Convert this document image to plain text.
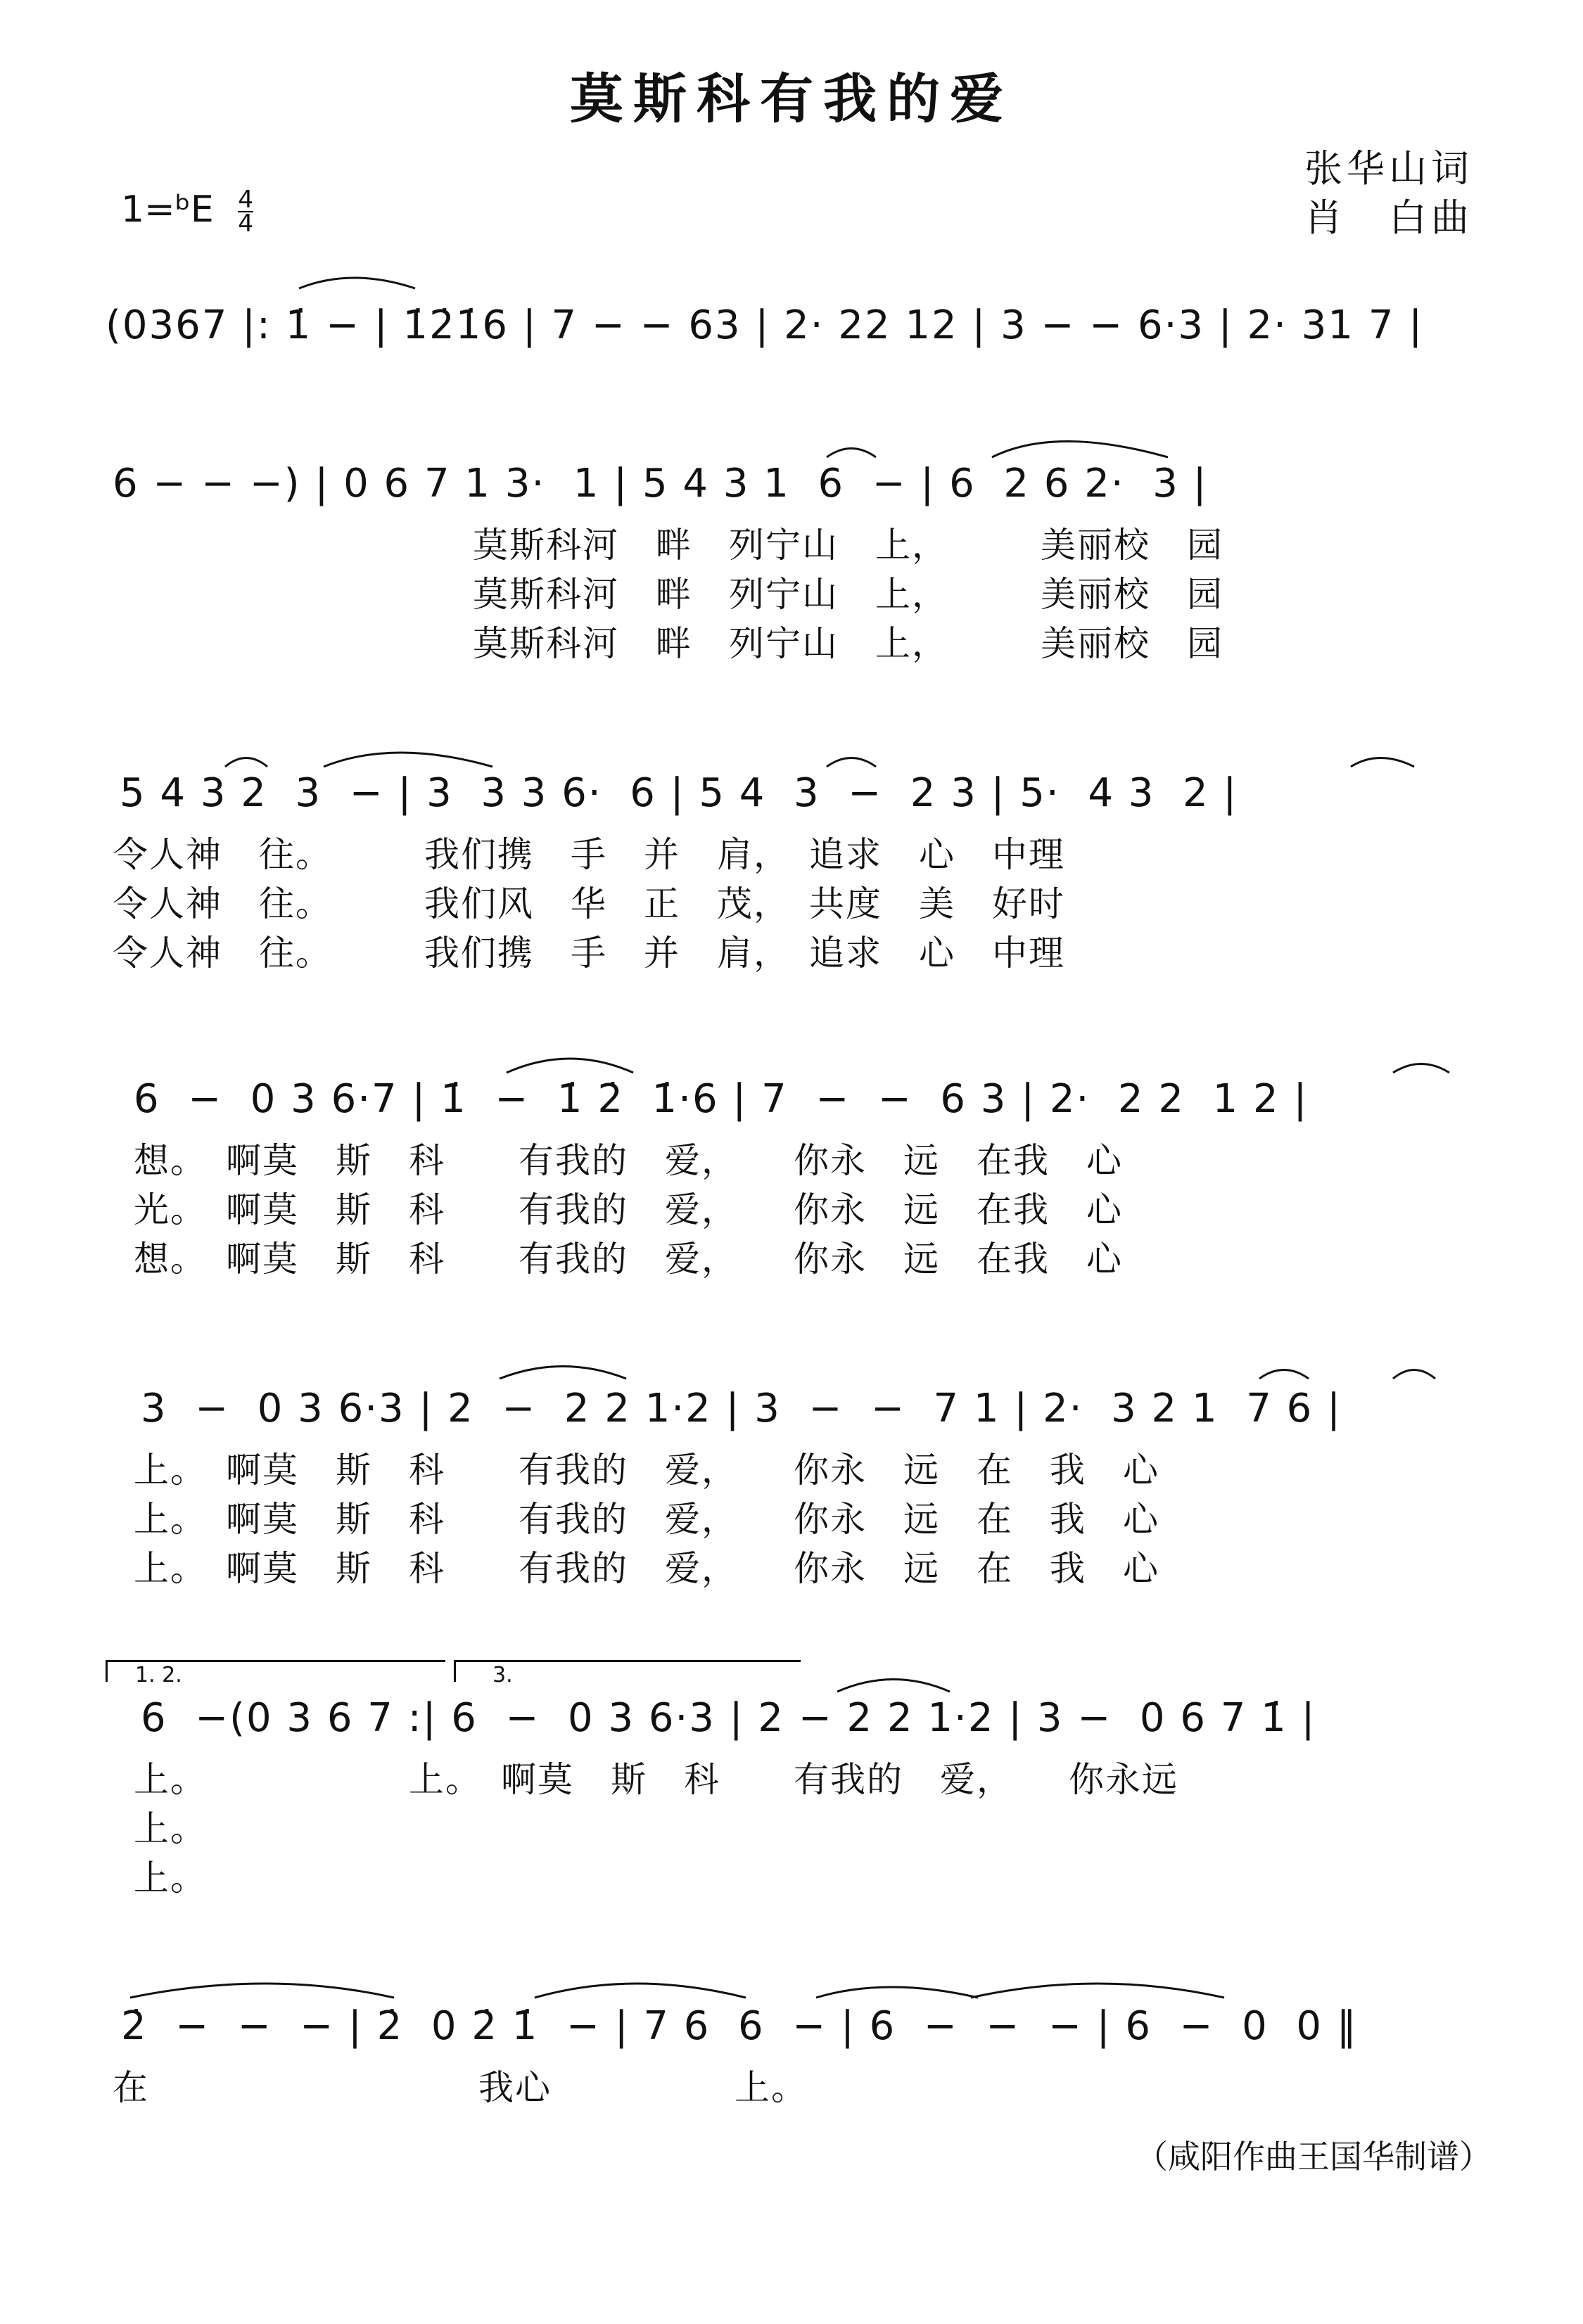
莫斯科有我的爱
张华山词
肖　白曲
1=ᵇE $\frac{4}{4}$
(0367 |: 1̇ − | 1̇2̇1̇6 | 7 − − 63 | 2· 22 12 | 3 − − 6·3 | 2· 31 7 |
6 − − −) | 0 6 7 1 3·  1 | 5 4 3 1  6  − | 6  2 6 2·  3 |
莫斯科河　畔　列宁山　上，　　　美丽校　园
莫斯科河　畔　列宁山　上，　　　美丽校　园
莫斯科河　畔　列宁山　上，　　　美丽校　园
5 4 3 2  3  − | 3  3 3 6·  6 | 5 4  3  −  2 3 | 5·  4 3  2 |
令人神　往。　　　我们携　手　并　肩，　追求　心　中理
令人神　往。　　　我们风　华　正　茂，　共度　美　好时
令人神　往。　　　我们携　手　并　肩，　追求　心　中理
6  −  0 3 6·7 | 1̇  −  1̇ 2̇  1̇·6 | 7  −  −  6 3 | 2·  2 2  1 2 |
想。　啊莫　斯　科　　有我的　爱，　　你永　远　在我　心
光。　啊莫　斯　科　　有我的　爱，　　你永　远　在我　心
想。　啊莫　斯　科　　有我的　爱，　　你永　远　在我　心
3  −  0 3 6·3 | 2  −  2 2 1·2 | 3  −  −  7 1 | 2·  3 2 1  7 6 |
上。　啊莫　斯　科　　有我的　爱，　　你永　远　在　我　心
上。　啊莫　斯　科　　有我的　爱，　　你永　远　在　我　心
上。　啊莫　斯　科　　有我的　爱，　　你永　远　在　我　心
1. 2.	3.
6  −(0 3 6 7 :| 6  −  0 3 6·3 | 2 − 2 2 1·2 | 3 −  0 6 7 1̇ |
上。　　　　　　上。　啊莫　斯　科　　有我的　爱，　　你永远
上。
上。
2̇  −  −  − | 2̇  0 2̇ 1̇  − | 7 6  6  − | 6  −  −  − | 6  −  0  0 ‖
在　　　　　　　　　我心　　　　　上。
（咸阳作曲王国华制谱）
